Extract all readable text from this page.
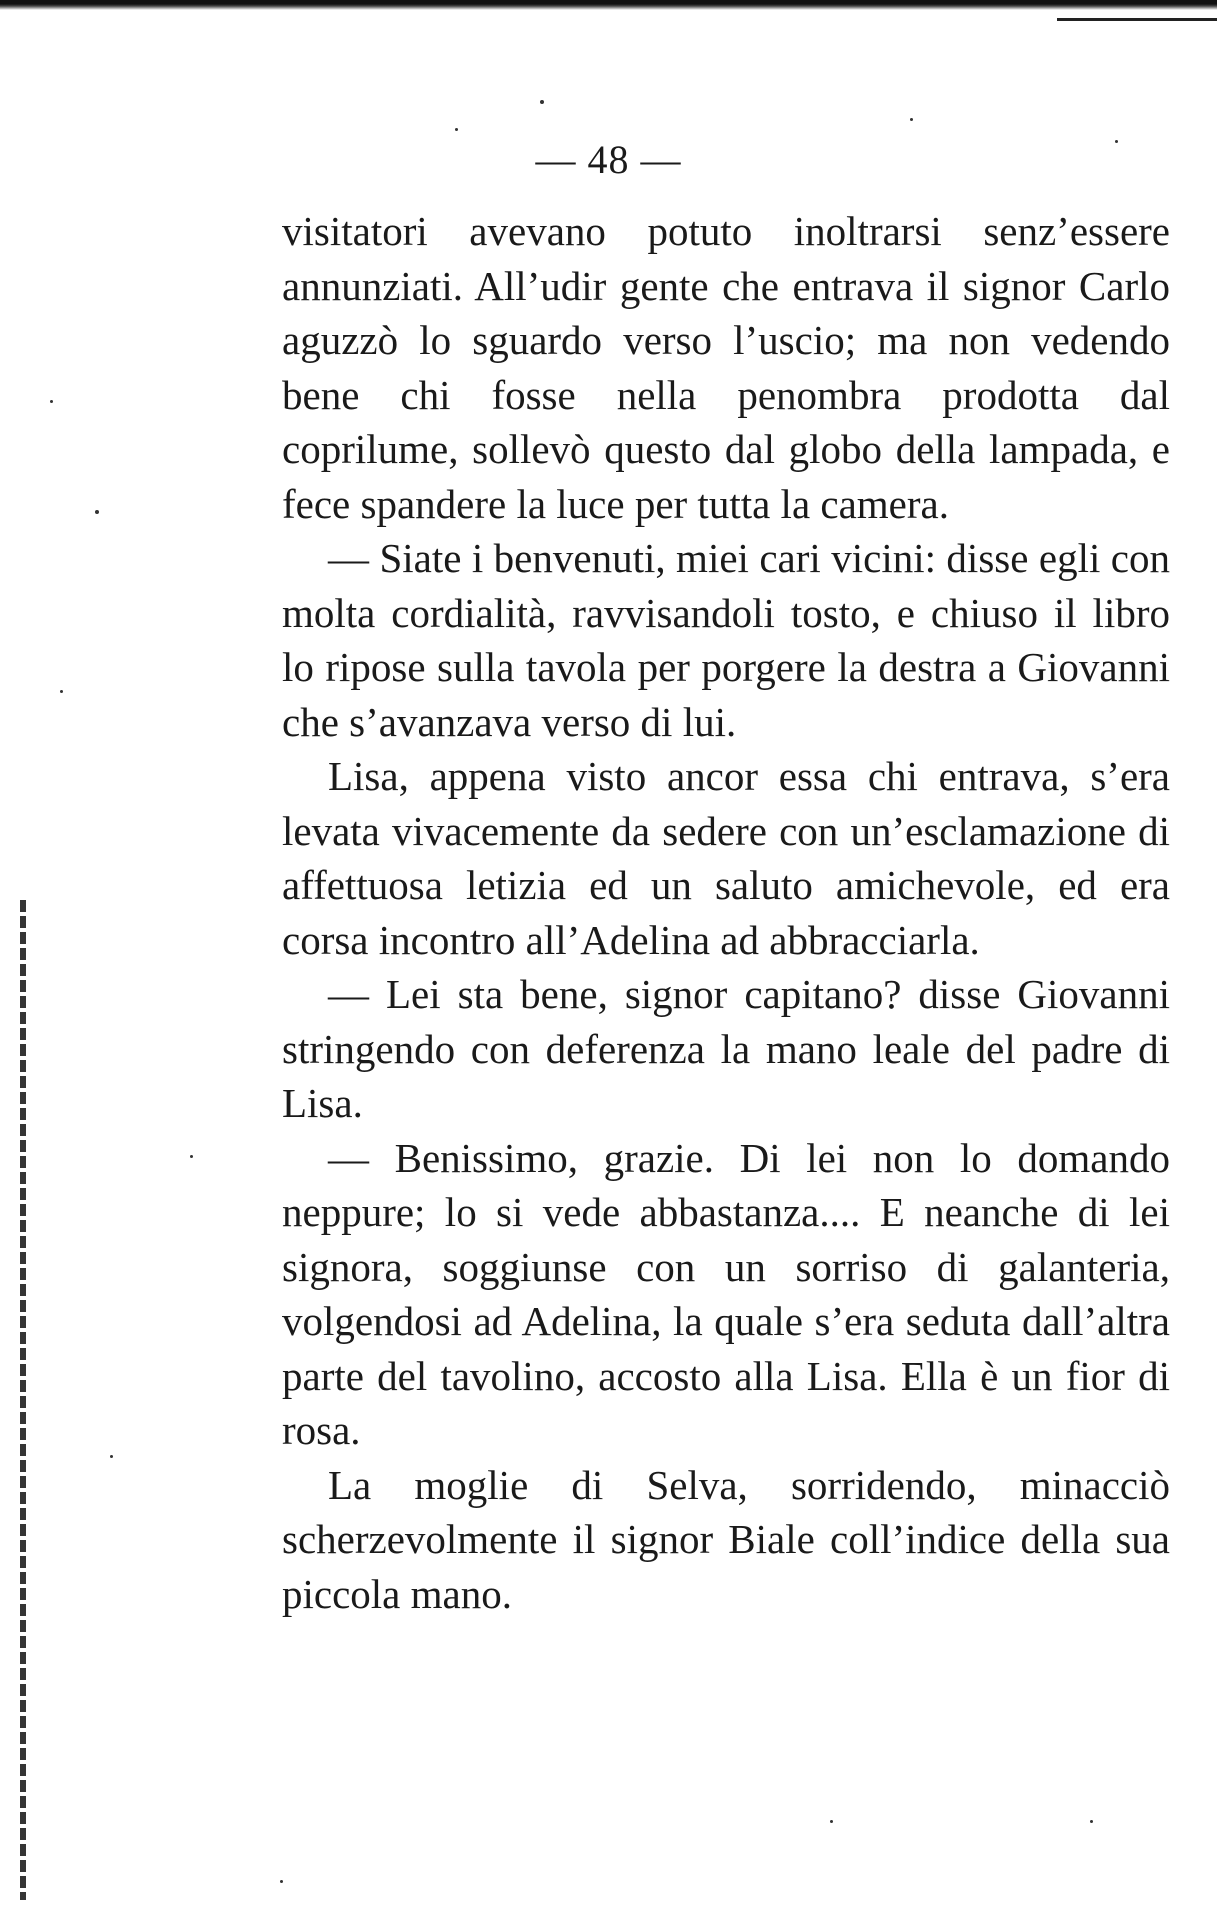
— 48 —

visitatori avevano potuto inoltrarsi senz’essere annunziati. All’udir gente che entrava il signor Carlo aguzzò lo sguardo verso l’uscio; ma non vedendo bene chi fosse nella penombra prodotta dal coprilume, sollevò questo dal globo della lampada, e fece spandere la luce per tutta la camera.

— Siate i benvenuti, miei cari vicini: disse egli con molta cordialità, ravvisandoli tosto, e chiuso il libro lo ripose sulla tavola per porgere la destra a Giovanni che s’avanzava verso di lui.

Lisa, appena visto ancor essa chi entrava, s’era levata vivacemente da sedere con un’esclamazione di affettuosa letizia ed un saluto amichevole, ed era corsa incontro all’Adelina ad abbracciarla.

— Lei sta bene, signor capitano? disse Giovanni stringendo con deferenza la mano leale del padre di Lisa.

— Benissimo, grazie. Di lei non lo domando neppure; lo si vede abbastanza.... E neanche di lei signora, soggiunse con un sorriso di galanteria, volgendosi ad Adelina, la quale s’era seduta dall’altra parte del tavolino, accosto alla Lisa. Ella è un fior di rosa.

La moglie di Selva, sorridendo, minacciò scherzevolmente il signor Biale coll’indice della sua piccola mano.
